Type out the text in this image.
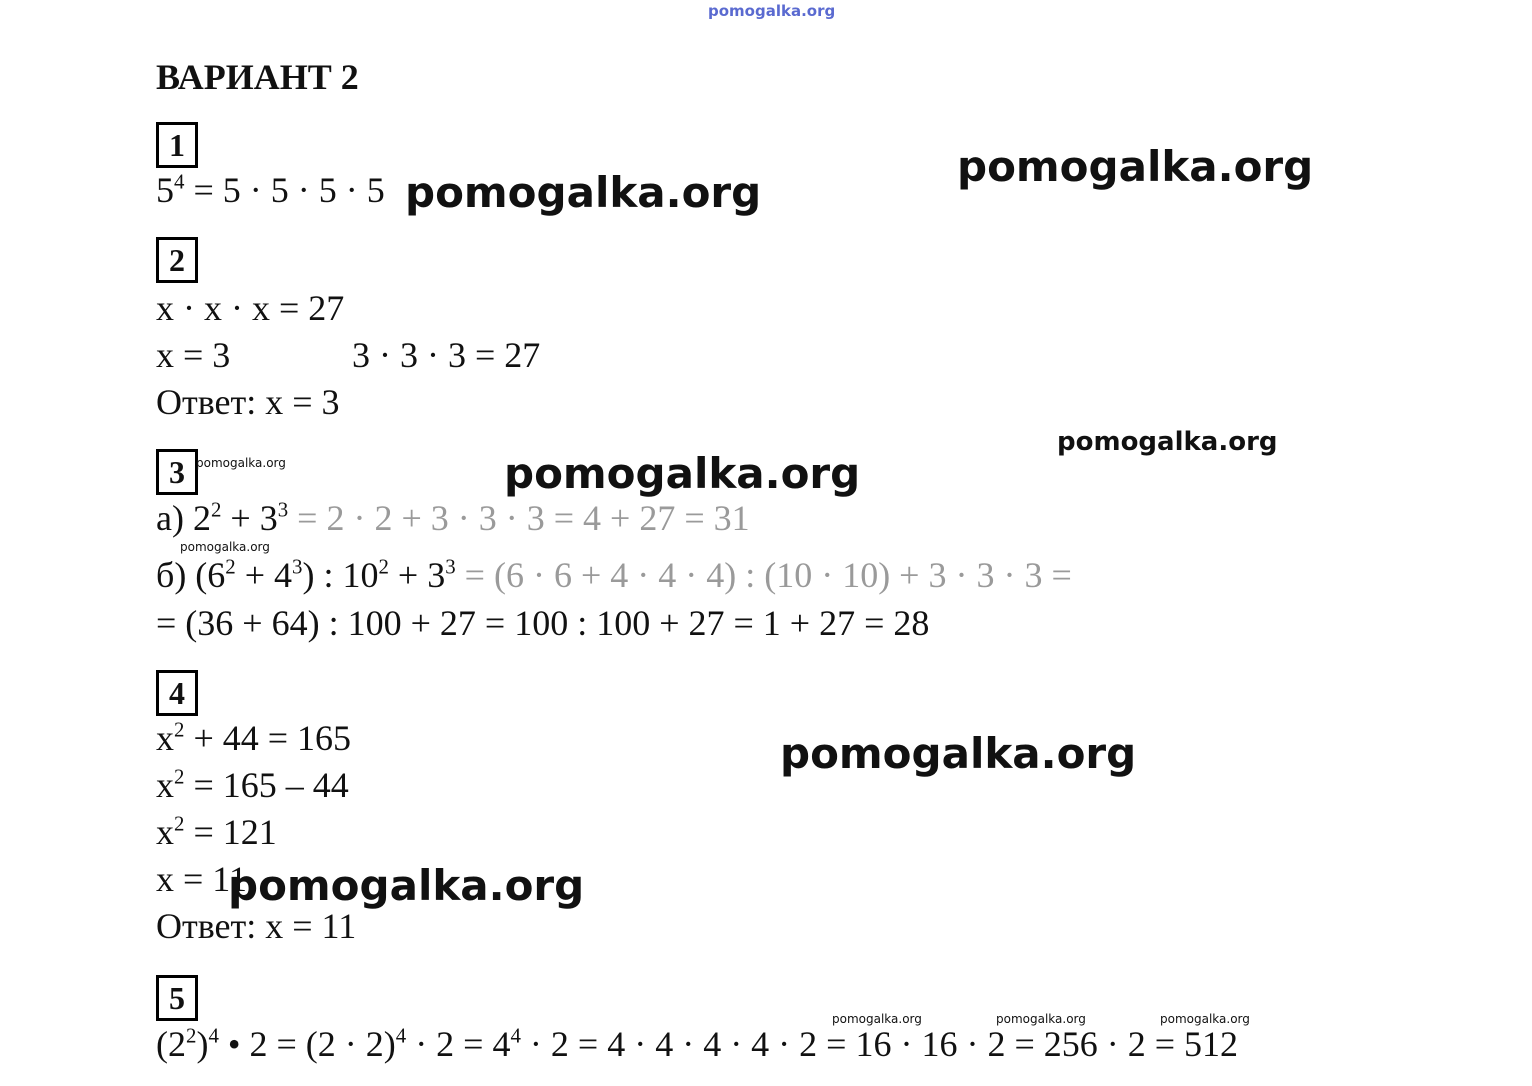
pomogalka.org
ВАРИАНТ 2
1
$5^4 = 5 \cdot 5 \cdot 5 \cdot 5$
2
x · x · x = 27
x = 3	3 · 3 · 3 = 27
Ответ: x = 3
3
а) $2^2 + 3^3 = 2 \cdot 2 + 3 \cdot 3 \cdot 3 = 4 + 27 = 31$
б) $(6^2 + 4^3)$ : $10^2 + 3^3 = (6 \cdot 6 + 4 \cdot 4 \cdot 4)$ : (10 · 10) + 3 · 3 · 3 =
= (36 + 64) : 100 + 27 = 100 : 100 + 27 = 1 + 27 = 28
4
$x^2 + 44 = 165$
$x^2 = 165 - 44$
$x^2 = 121$
x = 11
Ответ: x = 11
5
$(2^2)^4$ • $2 = (2 \cdot 2)^4 \cdot 2 = 4^4 \cdot 2 = 4 \cdot 4 \cdot 4 \cdot 4 \cdot 2 = 16 \cdot 16 \cdot 2 = 256 \cdot 2 = 512$
pomogalka.org
pomogalka.org
pomogalka.org
pomogalka.org
pomogalka.org
pomogalka.org
pomogalka.org
pomogalka.org
pomogalka.org	pomogalka.org	pomogalka.org
